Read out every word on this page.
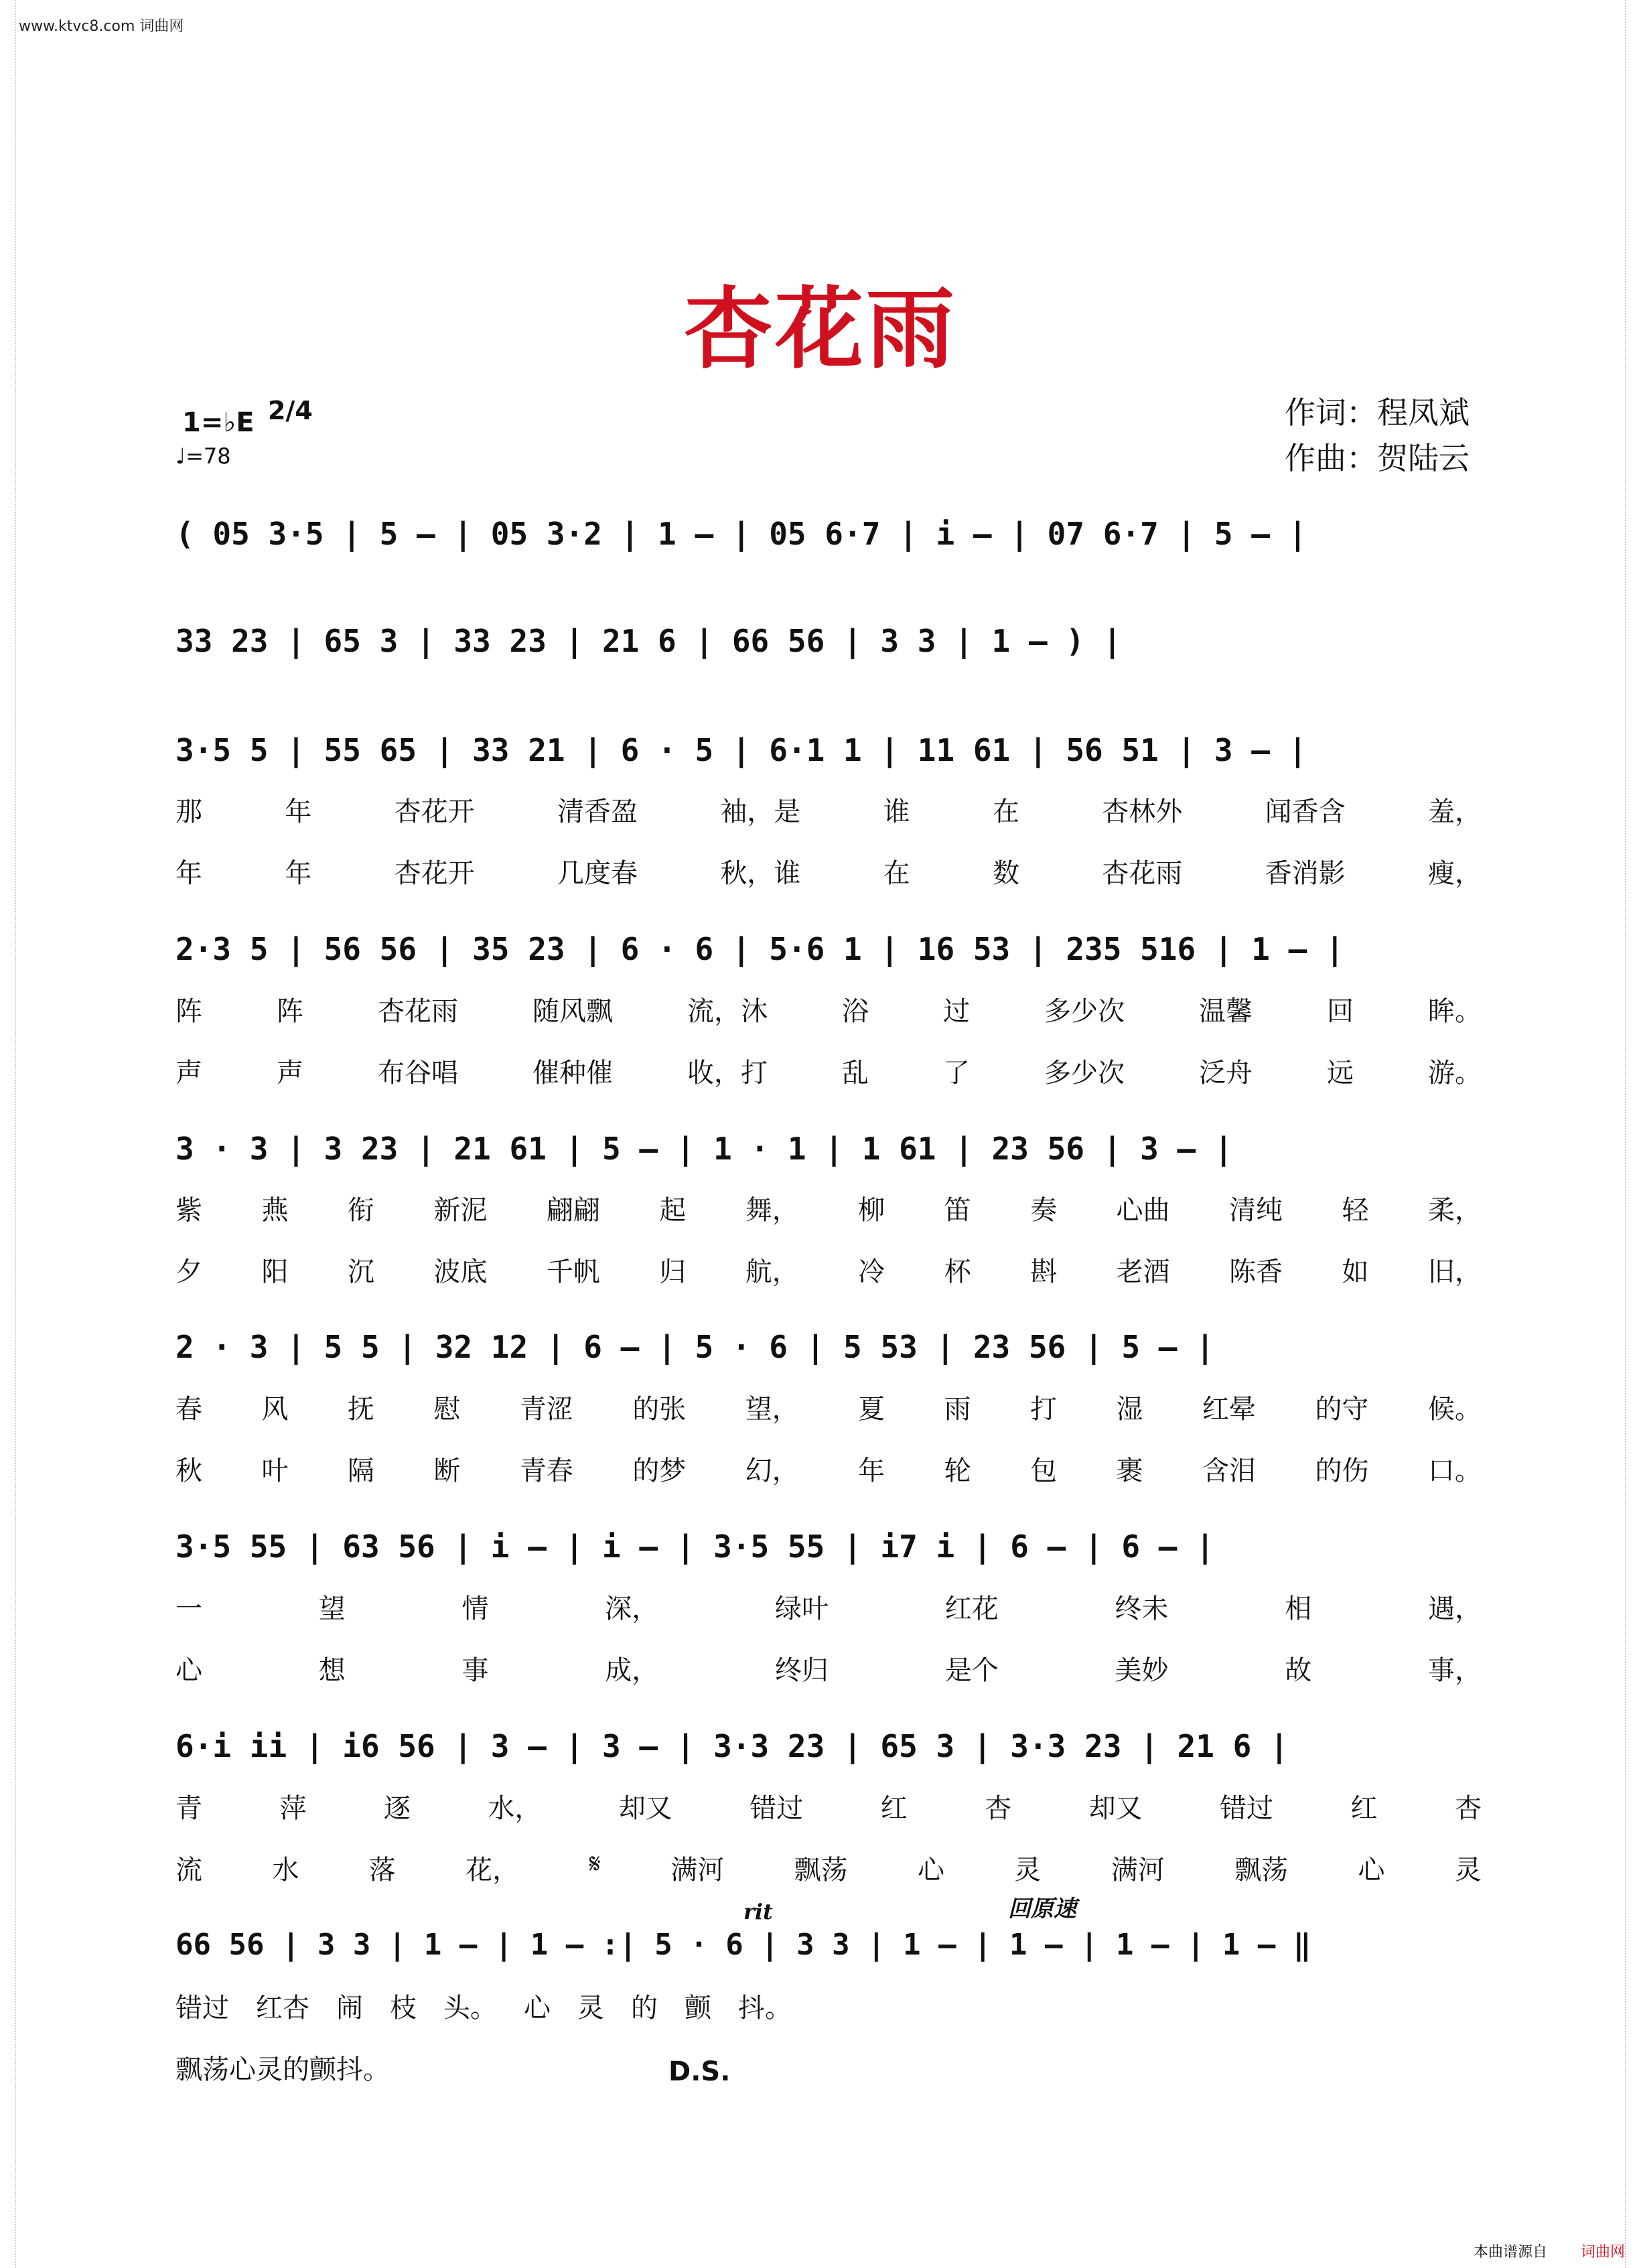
www.ktvc8.com 词曲网
杏花雨
1=♭E 2/4
♩=78
作词：程凤斌
作曲：贺陆云
( 05 3·5 | 5 – | 05 3·2 | 1 – | 05 6·7 | i – | 07 6·7 | 5 – |
33 23 | 65 3 | 33 23 | 21 6 | 66 56 | 3 3 | 1 – ) |
3·5 5 | 55 65 | 33 21 | 6 · 5 | 6·1 1 | 11 61 | 56 51 | 3 – |
那	年	杏花开	清香盈	袖，是	谁	在	杏林外	闻香含	羞，
年	年	杏花开	几度春	秋，谁	在	数	杏花雨	香消影	瘦，
2·3 5 | 56 56 | 35 23 | 6 · 6 | 5·6 1 | 16 53 | 235 516 | 1 – |
阵	阵	杏花雨	随风飘	流，沐	浴	过	多少次	温馨	回	眸。
声	声	布谷唱	催种催	收，打	乱	了	多少次	泛舟	远	游。
3 · 3 | 3 23 | 21 61 | 5 – | 1 · 1 | 1 61 | 23 56 | 3 – |
紫 燕 衔 新泥 翩翩 起 舞， 柳 笛 奏 心曲 清纯 轻 柔，
夕 阳 沉 波底 千帆 归 航， 冷 杯 斟 老酒 陈香 如 旧，
2 · 3 | 5 5 | 32 12 | 6 – | 5 · 6 | 5 53 | 23 56 | 5 – |
春 风 抚 慰 青涩 的张 望， 夏 雨 打 湿 红晕 的守 候。
秋 叶 隔 断 青春 的梦 幻， 年 轮 包 裹 含泪 的伤 口。
3·5 55 | 63 56 | i – | i – | 3·5 55 | i7 i | 6 – | 6 – |
一	望	情	深，	绿叶	红花	终未	相	遇，
心	想	事	成，	终归	是个	美妙	故	事，
6·i ii | i6 56 | 3 – | 3 – | 3·3 23 | 65 3 | 3·3 23 | 21 6 |
青	萍	逐	水，	却又	错过	红	杏	却又	错过	红	杏
流	水	落	花，	𝄋	满河	飘荡	心	灵	满河	飘荡	心	灵
rit	回原速
66 56 | 3 3 | 1 – | 1 – :| 5 · 6 | 3 3 | 1 – | 1 – | 1 – | 1 – ‖
错过 红杏 闹 枝 头。 心 灵 的 颤 抖。
飘荡 心灵 的 颤 抖。	D.S.
本曲谱源自 词曲网
